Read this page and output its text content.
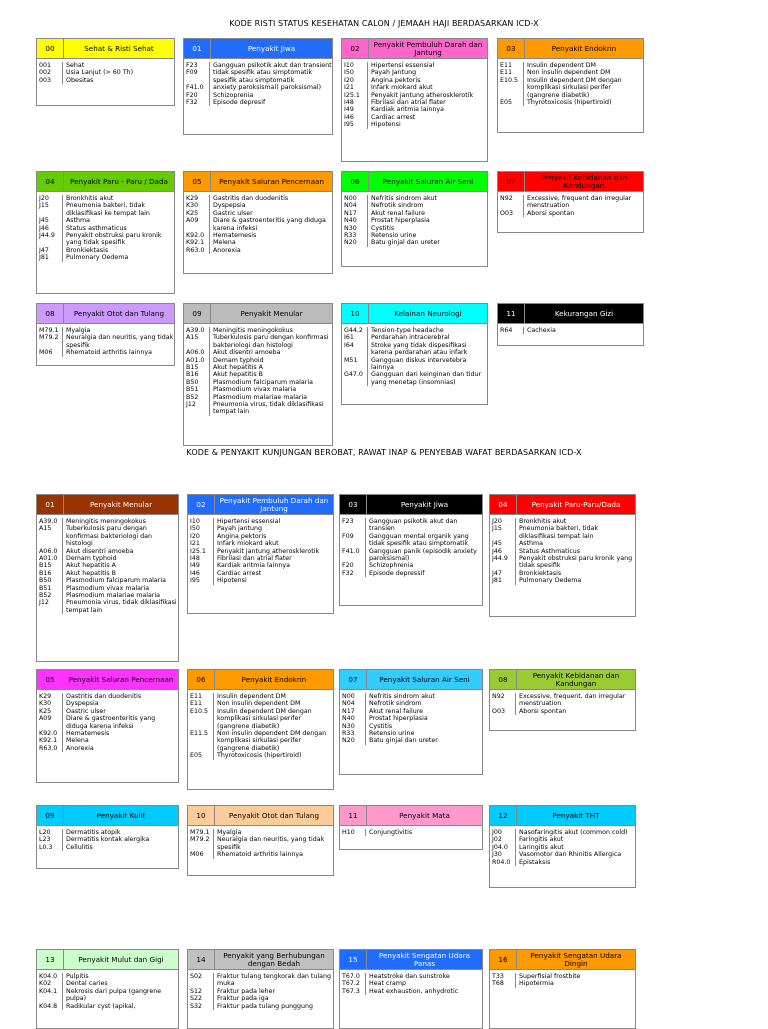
KODE RISTI STATUS KESEHATAN CALON / JEMAAH HAJI BERDASARKAN ICD-X
KODE & PENYAKIT KUNJUNGAN BEROBAT, RAWAT INAP & PENYEBAB WAFAT BERDASARKAN ICD-X
00	Sehat & Risti Sehat
001	Sehat
002	Usia Lanjut (> 60 Th)
003	Obesitas
01	Penyakit Jiwa
F23	Gangguan psikotik akut dan transient
F09	tidak spesifik atau simptomatik spesifik atau simptomatik
F41.0	anxiety paroksismal) paroksismal)
F20	Schizoprenia
F32	Episode depresif
02	Penyakit Pembuluh Darah dan Jantung
I10	Hipertensi essensial
I50	Payah Jantung
I20	Angina pektoris
I21	Infark miokard akut
I25.1	Penyakit jantung atherosklerotik
I48	Fibrilasi dan atrial flater
I49	Kardiak aritmia lainnya
I46	Cardiac arrest
I95	Hipotensi
03	Penyakit Endokrin
E11	Insulin dependent DM
E11	Non insulin dependent DM
E10.5	Insulin dependent DM dengan komplikasi sirkulasi perifer (gangrene diabetik)
E05	Thyrotoxicosis (hipertiroid)
04	Penyakit Paru - Paru / Dada
J20	Bronkhitis akut
J15	Pneumonia bakteri, tidak diklasifikasi ke tempat lain
J45	Asthma
J46	Status asthmaticus
J44.9	Penyakit obstruksi paru kronik yang tidak spesifik
J47	Bronkiektasis
J81	Pulmonary Oedema
05	Penyakit Saluran Pencernaan
K29	Gastritis dan duodenitis
K30	Dyspepsia
K25	Gastric ulser
A09	Diare & gastroenteritis yang diduga karena infeksi
K92.0	Hematemesis
K92.1	Melena
R63.0	Anorexia
06	Penyakit Saluran Air Seni
N00	Nefritis sindrom akut
N04	Nefrotik sindrom
N17	Akut renal failure
N40	Prostat hiperplasia
N30	Cystitis
R33	Retensio urine
N20	Batu ginjal dan ureter
07	Penyakit Kebidanan dan Kandungan
N92	Excessive, frequent dan irregular menstruation
O03	Aborsi spontan
08	Penyakit Otot dan Tulang
M79.1	Myalgia
M79.2	Neuralgia dan neuritis, yang tidak spesifik
M06	Rhematoid arthritis lainnya
09	Penyakit Menular
A39.0	Meningitis meningokokus
A15	Tuberkulosis paru dengan konfirmasi bakteriologi dan histologi
A06.0	Akut disentri amoeba
A01.0	Demam typhoid
B15	Akut hepatitis A
B16	Akut hepatitis B
B50	Plasmodium falciparum malaria
B51	Plasmodium vivax malaria
B52	Plasmodium malariae malaria
J12	Pneumonia virus, tidak diklasifikasi tempat lain
10	Kelainan Neurologi
G44.2	Tension-type headache
I61	Perdarahan intracerebral
I64	Stroke yang tidak dispesifikasi karena perdarahan atau infark
M51	Gangguan diskus intervetebra lainnya
G47.0	Gangguan dari keinginan dan tidur yang menetap (insomnias)
11	Kekurangan Gizi
R64	Cachexia
01	Penyakit Menular
A39.0	Meningitis meningokokus
A15	Tuberkulosis paru dengan konfirmasi bakteriologi dan histologi
A06.0	Akut disentri amoeba
A01.0	Demam typhoid
B15	Akut hepatitis A
B16	Akut hepatitis B
B50	Plasmodium falciparum malaria
B51	Plasmodium vivax malaria
B52	Plasmodium malariae malaria
J12	Pneumonia virus, tidak diklasifikasi tempat lain
02	Penyakit Pembuluh Darah dan Jantung
I10	Hipertensi essensial
I50	Payah jantung
I20	Angina pektoris
I21	Infark miokard akut
I25.1	Penyakit jantung atherosklerotik
I48	Fibrilasi dan atrial flater
I49	Kardiak aritmia lainnya
I46	Cardiac arrest
I95	Hipotensi
03	Penyakit Jiwa
F23	Gangguan psikotik akut dan transien
F09	Gangguan mental organik yang tidak spesifik atau simptomatik
F41.0	Gangguan panik (episodik anxiety paroksismal)
F20	Schizophrenia
F32	Episode depressif
04	Penyakit Paru-Paru/Dada
J20	Bronkhitis akut
J15	Pneumonia bakteri, tidak diklasifikasi tempat lain
J45	Asthma
J46	Status Asthmaticus
J44.9	Penyakit obstruksi paru kronik yang tidak spesifik
J47	Bronkiektasis
J81	Pulmonary Oedema
05	Penyakit Saluran Pencernaan
K29	Oastritis dan duodenitis
K30	Dyspepsia
K25	Oastric ulser
A09	Diare & gastroenteritis yang diduga karena infeksi
K92.0	Hematemesis
K92.1	Melena
R63.0	Anorexia
06	Penyakit Endokrin
E11	Insulin dependent DM
E11	Non insulin dependent DM
E10.5	Insulin dependent DM dengan komplikasi sirkulasi perifer (gangrene diabetik)
E11.5	Non insulin dependent DM dengan komplikasi sirkulasi perifer (gangrene diabetik)
E05	Thyrotoxicosis (hipertiroid)
07	Penyakit Saluran Air Seni
N00	Nefritis sindrom akut
N04	Nefrotik sindrom
N17	Akut renal failure
N40	Prostat hiperplasia
N30	Cystitis
R33	Retensio urine
N20	Batu ginjal dan ureter
08	Penyakit Kebidanan dan Kandungan
N92	Excessive, frequent, dan irregular menstruation
O03	Aborsi spontan
09	Penyakit Kulit
L20	Dermatitis atopik
L23	Dermatitis kontak alergika
L0.3	Cellulitis
10	Penyakit Otot dan Tulang
M79.1	Myalgia
M79.2	Neuralgia dan neuritis, yang tidak spesifik
M06	Rhematoid arthritis lainnya
11	Penyakit Mata
H10	Conjungtivitis
12	Penyakit THT
J00	Nasofaringitis akut (common cold)
J02	Faringitis akut
J04.0	Laringitis akut
J30	Vasomotor dan Rhinitis Allergica
R04.0	Epistaksis
13	Penyakit Mulut dan Gigi
K04.0	Pulpitis
K02	Dental caries
K04.1	Nekrosis dari pulpa (gangrene pulpa)
K04.8	Radikular cyst (apikal,
14	Penyakit yang Berhubungan dengan Bedah
S02	Fraktur tulang tengkorak dan tulang muka
S12	Fraktur pada leher
S22	Fraktur pada iga
S32	Fraktur pada tulang punggung
15	Penyakit Sengatan Udara Panas
T67.0	Heatstroke dan sunstroke
T67.2	Heat cramp
T67.3	Heat exhaustion, anhydrotic
16	Penyakit Sengatan Udara Dingin
T33	Superfisial frostbite
T68	Hipotermia
